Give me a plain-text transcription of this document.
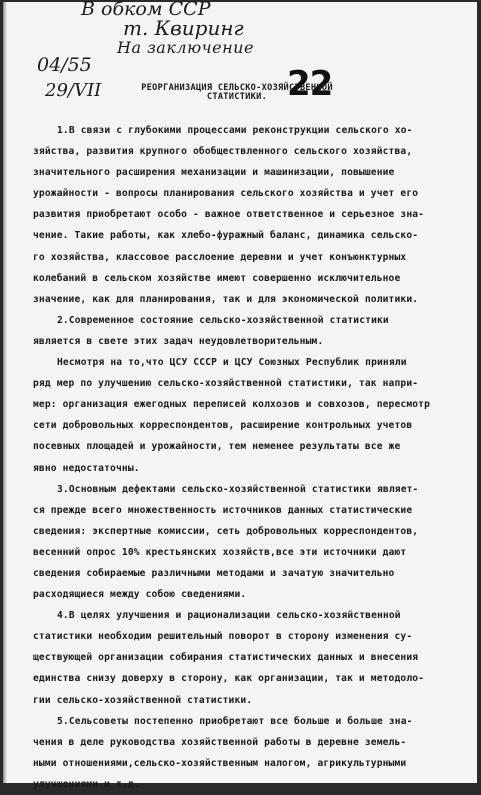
В обком ССР
т. Квиринг
На заключение
04/55
29/VII	22
РЕОРГАНИЗАЦИЯ СЕЛЬСКО-ХОЗЯЙСТВЕННОЙ
СТАТИСТИКИ.
1.В связи с глубокими процессами реконструкции сельского хо-
зяйства, развития крупного обобществленного сельского хозяйства,
значительного расширения механизации и машинизации, повышение
урожайности - вопросы планирования сельского хозяйства и учет его
развития приобретают особо - важное ответственное и серьезное зна-
чение. Такие работы, как хлебо-фуражный баланс, динамика сельско-
го хозяйства, классовое расслоение деревни и учет конъюнктурных
колебаний в сельском хозяйстве имеют совершенно исключительное
значение, как для планирования, так и для экономической политики.
2.Современное состояние сельско-хозяйственной статистики
является в свете этих задач неудовлетворительным.
Несмотря на то,что ЦСУ СССР и ЦСУ Союзных Республик приняли
ряд мер по улучшению сельско-хозяйственной статистики, так напри-
мер: организация ежегодных переписей колхозов и совхозов, пересмотр
сети добровольных корреспондентов, расширение контрольных учетов
посевных площадей и урожайности, тем неменее результаты все же
явно недостаточны.
3.Основным дефектами сельско-хозяйственной статистики являет-
ся прежде всего множественность источников данных статистические
сведения: экспертные комиссии, сеть добровольных корреспондентов,
весенний опрос 10% крестьянских хозяйств,все эти источники дают
сведения собираемые различными методами и зачатую значительно
расходящиеся между собою сведениями.
4.В целях улучшения и рационализации сельско-хозяйственной
статистики необходим решительный поворот в сторону изменения су-
ществующей организации собирания статистических данных и внесения
единства снизу доверху в сторону, как организации, так и методоло-
гии сельско-хозяйственной статистики.
5.Сельсоветы постепенно приобретают все больше и больше зна-
чения в деле руководства хозяйственной работы в деревне земель-
ными отношениями,сельско-хозяйственным налогом, агрикультурными
улучшениями и т.д.
